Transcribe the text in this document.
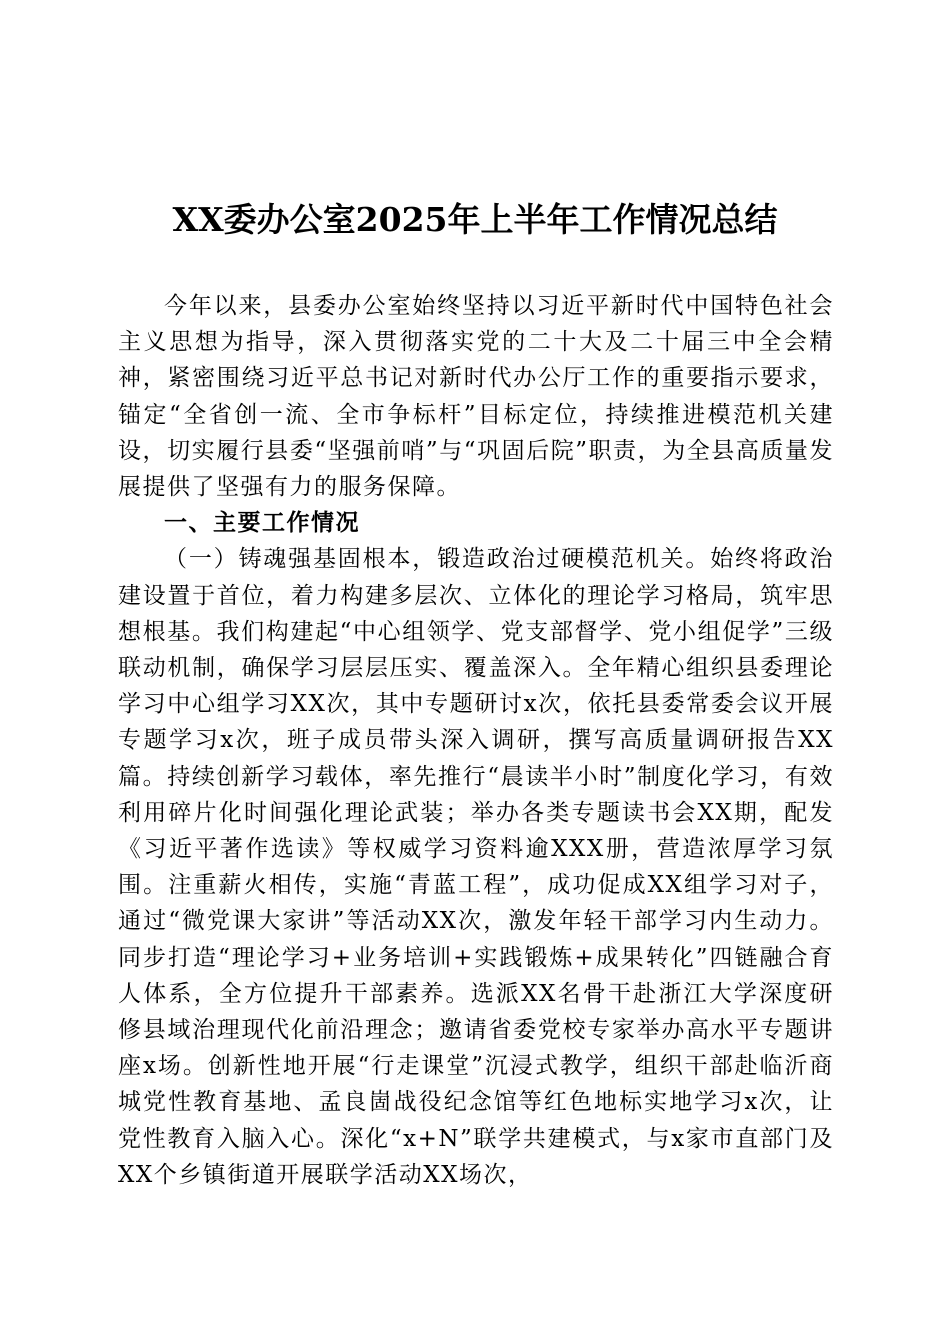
XX委办公室2025年上半年工作情况总结

今年以来，县委办公室始终坚持以习近平新时代中国特色社会主义思想为指导，深入贯彻落实党的二十大及二十届三中全会精神，紧密围绕习近平总书记对新时代办公厅工作的重要指示要求，锚定“全省创一流、全市争标杆”目标定位，持续推进模范机关建设，切实履行县委“坚强前哨”与“巩固后院”职责，为全县高质量发展提供了坚强有力的服务保障。

一、主要工作情况

（一）铸魂强基固根本，锻造政治过硬模范机关。始终将政治建设置于首位，着力构建多层次、立体化的理论学习格局，筑牢思想根基。我们构建起“中心组领学、党支部督学、党小组促学”三级联动机制，确保学习层层压实、覆盖深入。全年精心组织县委理论学习中心组学习XX次，其中专题研讨x次，依托县委常委会议开展专题学习x次，班子成员带头深入调研，撰写高质量调研报告XX篇。持续创新学习载体，率先推行“晨读半小时”制度化学习，有效利用碎片化时间强化理论武装；举办各类专题读书会XX期，配发《习近平著作选读》等权威学习资料逾XXX册，营造浓厚学习氛围。注重薪火相传，实施“青蓝工程”，成功促成XX组学习对子，通过“微党课大家讲”等活动XX次，激发年轻干部学习内生动力。同步打造“理论学习+业务培训+实践锻炼+成果转化”四链融合育人体系，全方位提升干部素养。选派XX名骨干赴浙江大学深度研修县域治理现代化前沿理念；邀请省委党校专家举办高水平专题讲座x场。创新性地开展“行走课堂”沉浸式教学，组织干部赴临沂商城党性教育基地、孟良崮战役纪念馆等红色地标实地学习x次，让党性教育入脑入心。深化“x+N”联学共建模式，与x家市直部门及XX个乡镇街道开展联学活动XX场次，
